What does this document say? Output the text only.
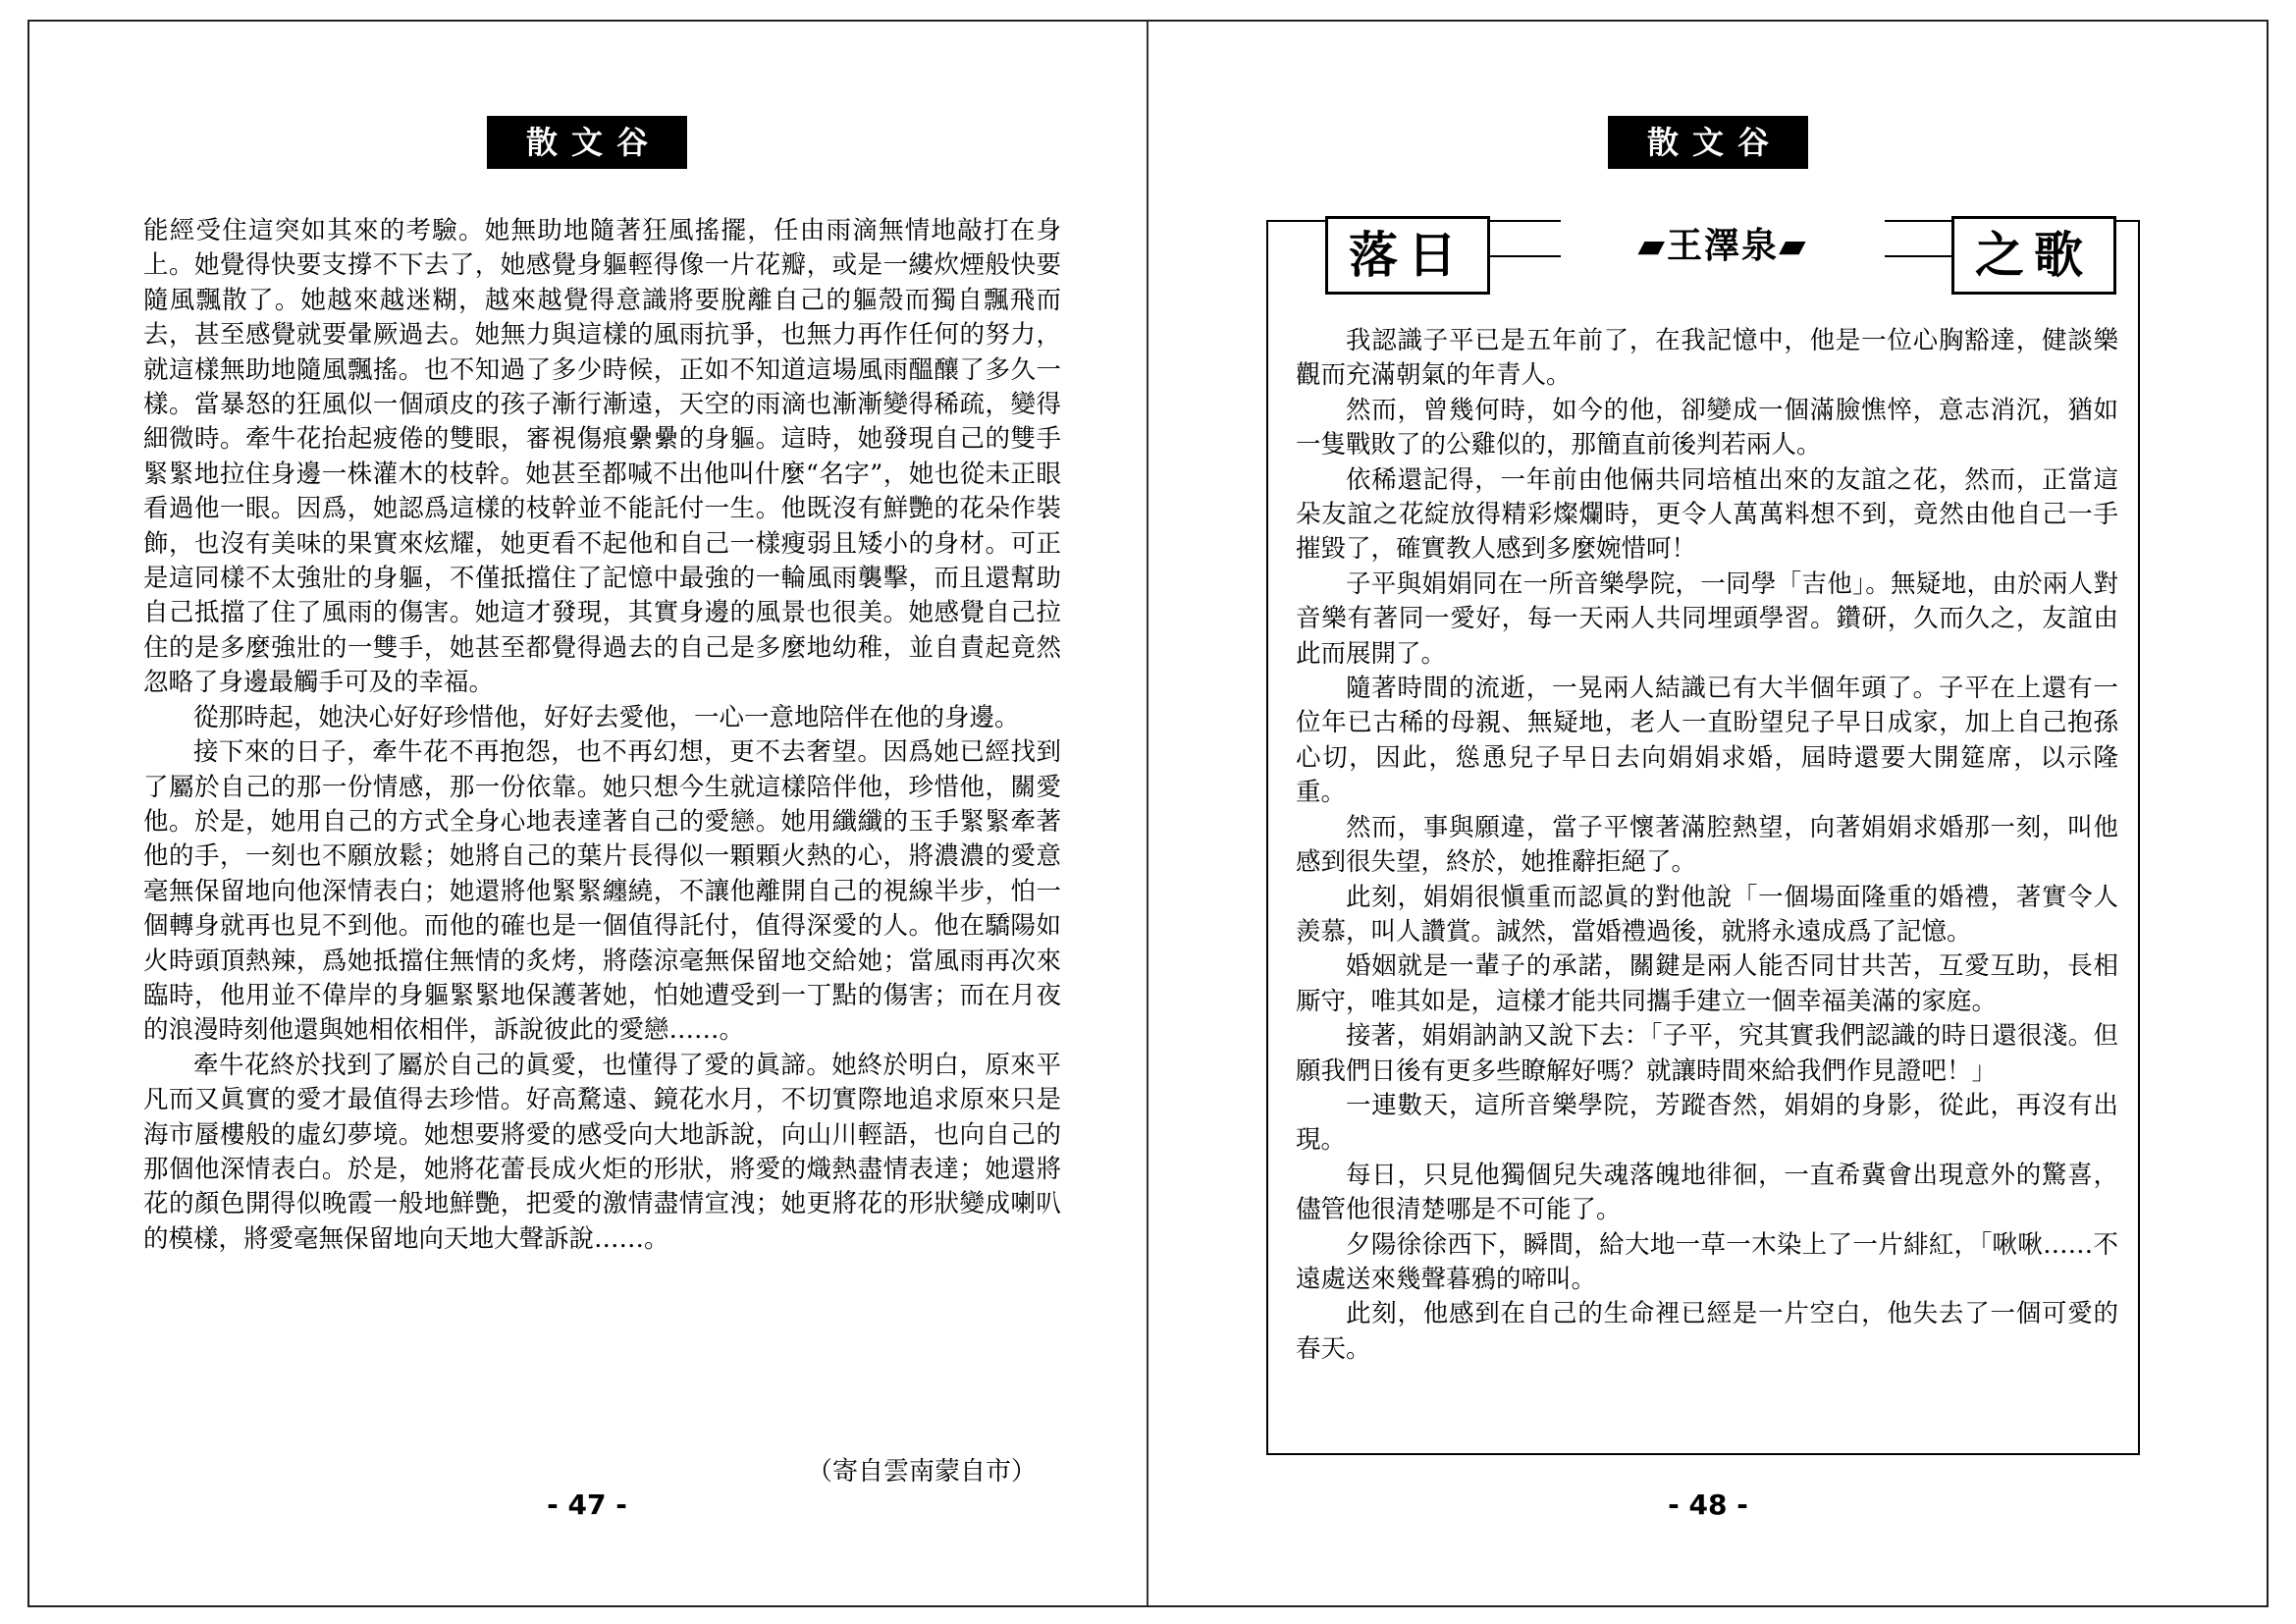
散文谷

能經受住這突如其來的考驗。她無助地隨著狂風搖擺，任由雨滴無情地敲打在身上。她覺得快要支撐不下去了，她感覺身軀輕得像一片花瓣，或是一縷炊煙般快要隨風飄散了。她越來越迷糊，越來越覺得意識將要脫離自己的軀殼而獨自飄飛而去，甚至感覺就要暈厥過去。她無力與這樣的風雨抗爭，也無力再作任何的努力，就這樣無助地隨風飄搖。也不知過了多少時候，正如不知道這場風雨醞釀了多久一樣。當暴怒的狂風似一個頑皮的孩子漸行漸遠，天空的雨滴也漸漸變得稀疏，變得細微時。牽牛花抬起疲倦的雙眼，審視傷痕纍纍的身軀。這時，她發現自己的雙手緊緊地拉住身邊一株灌木的枝幹。她甚至都喊不出他叫什麼“名字”，她也從未正眼看過他一眼。因爲，她認爲這樣的枝幹並不能託付一生。他既沒有鮮艷的花朵作裝飾，也沒有美味的果實來炫耀，她更看不起他和自己一樣瘦弱且矮小的身材。可正是這同樣不太強壯的身軀，不僅抵擋住了記憶中最強的一輪風雨襲擊，而且還幫助自己抵擋了住了風雨的傷害。她這才發現，其實身邊的風景也很美。她感覺自己拉住的是多麼強壯的一雙手，她甚至都覺得過去的自己是多麼地幼稚，並自責起竟然忽略了身邊最觸手可及的幸福。

從那時起，她決心好好珍惜他，好好去愛他，一心一意地陪伴在他的身邊。

接下來的日子，牽牛花不再抱怨，也不再幻想，更不去奢望。因爲她已經找到了屬於自己的那一份情感，那一份依靠。她只想今生就這樣陪伴他，珍惜他，關愛他。於是，她用自己的方式全身心地表達著自己的愛戀。她用纖纖的玉手緊緊牽著他的手，一刻也不願放鬆；她將自己的葉片長得似一顆顆火熱的心，將濃濃的愛意毫無保留地向他深情表白；她還將他緊緊纏繞，不讓他離開自己的視線半步，怕一個轉身就再也見不到他。而他的確也是一個值得託付，值得深愛的人。他在驕陽如火時頭頂熱辣，爲她抵擋住無情的炙烤，將蔭涼毫無保留地交給她；當風雨再次來臨時，他用並不偉岸的身軀緊緊地保護著她，怕她遭受到一丁點的傷害；而在月夜的浪漫時刻他還與她相依相伴，訴說彼此的愛戀……。

牽牛花終於找到了屬於自己的眞愛，也懂得了愛的眞諦。她終於明白，原來平凡而又眞實的愛才最值得去珍惜。好高騖遠、鏡花水月，不切實際地追求原來只是海市蜃樓般的虛幻夢境。她想要將愛的感受向大地訴說，向山川輕語，也向自己的那個他深情表白。於是，她將花蕾長成火炬的形狀，將愛的熾熱盡情表達；她還將花的顏色開得似晚霞一般地鮮艷，把愛的激情盡情宣洩；她更將花的形狀變成喇叭的模樣，將愛毫無保留地向天地大聲訴說……。

（寄自雲南蒙自市）
- 47 -
散文谷
落日	之歌
▰王澤泉▰

我認識子平已是五年前了，在我記憶中，他是一位心胸豁達，健談樂觀而充滿朝氣的年青人。

然而，曾幾何時，如今的他，卻變成一個滿臉憔悴，意志消沉，猶如一隻戰敗了的公雞似的，那簡直前後判若兩人。

依稀還記得，一年前由他倆共同培植出來的友誼之花，然而，正當這朵友誼之花綻放得精彩燦爛時，更令人萬萬料想不到，竟然由他自己一手摧毀了，確實教人感到多麼婉惜呵！

子平與娟娟同在一所音樂學院，一同學「吉他」。無疑地，由於兩人對音樂有著同一愛好，每一天兩人共同埋頭學習。鑽研，久而久之，友誼由此而展開了。

隨著時間的流逝，一晃兩人結識已有大半個年頭了。子平在上還有一位年已古稀的母親、無疑地，老人一直盼望兒子早日成家，加上自己抱孫心切，因此，慫恿兒子早日去向娟娟求婚，屆時還要大開筵席，以示隆重。

然而，事與願違，當子平懷著滿腔熱望，向著娟娟求婚那一刻，叫他感到很失望，終於，她推辭拒絕了。

此刻，娟娟很愼重而認眞的對他說「一個場面隆重的婚禮，著實令人羨慕，叫人讚賞。誠然，當婚禮過後，就將永遠成爲了記憶。

婚姻就是一輩子的承諾，關鍵是兩人能否同甘共苦，互愛互助，長相厮守，唯其如是，這樣才能共同攜手建立一個幸福美滿的家庭。

接著，娟娟訥訥又說下去：「子平，究其實我們認識的時日還很淺。但願我們日後有更多些瞭解好嗎？就讓時間來給我們作見證吧！」

一連數天，這所音樂學院，芳蹤杳然，娟娟的身影，從此，再沒有出現。

每日，只見他獨個兒失魂落魄地徘徊，一直希冀會出現意外的驚喜，儘管他很清楚哪是不可能了。

夕陽徐徐西下，瞬間，給大地一草一木染上了一片緋紅，「啾啾……不遠處送來幾聲暮鴉的啼叫。

此刻，他感到在自己的生命裡已經是一片空白，他失去了一個可愛的春天。

- 48 -
